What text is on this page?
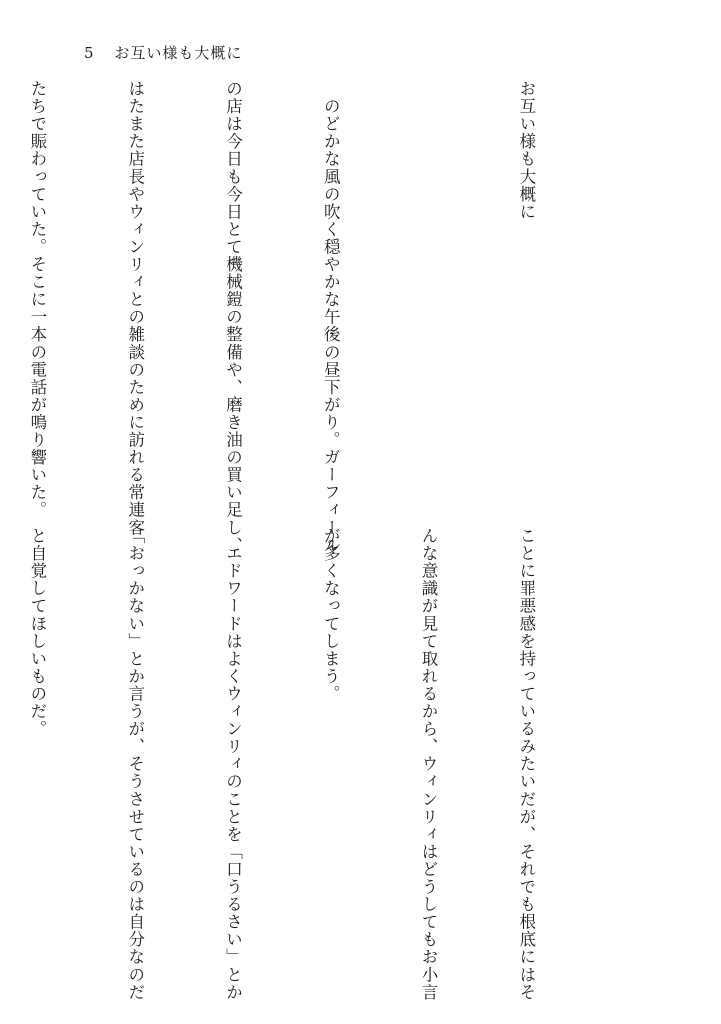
5 お互い様も大概に

お互い様も大概に

　のどかな風の吹く穏やかな午後の昼下がり。ガーフィール

の店は今日も今日とて機械鎧の整備や、磨き油の買い足し、

はたまた店長やウィンリィとの雑談のために訪れる常連客

たちで賑わっていた。そこに一本の電話が鳴り響いた。

ことに罪悪感を持っているみたいだが、それでも根底にはそ

んな意識が見て取れるから、ウィンリィはどうしてもお小言

が多くなってしまう。

　エドワードはよくウィンリィのことを「口うるさい」とか

「おっかない」とか言うが、そうさせているのは自分なのだ

と自覚してほしいものだ。
